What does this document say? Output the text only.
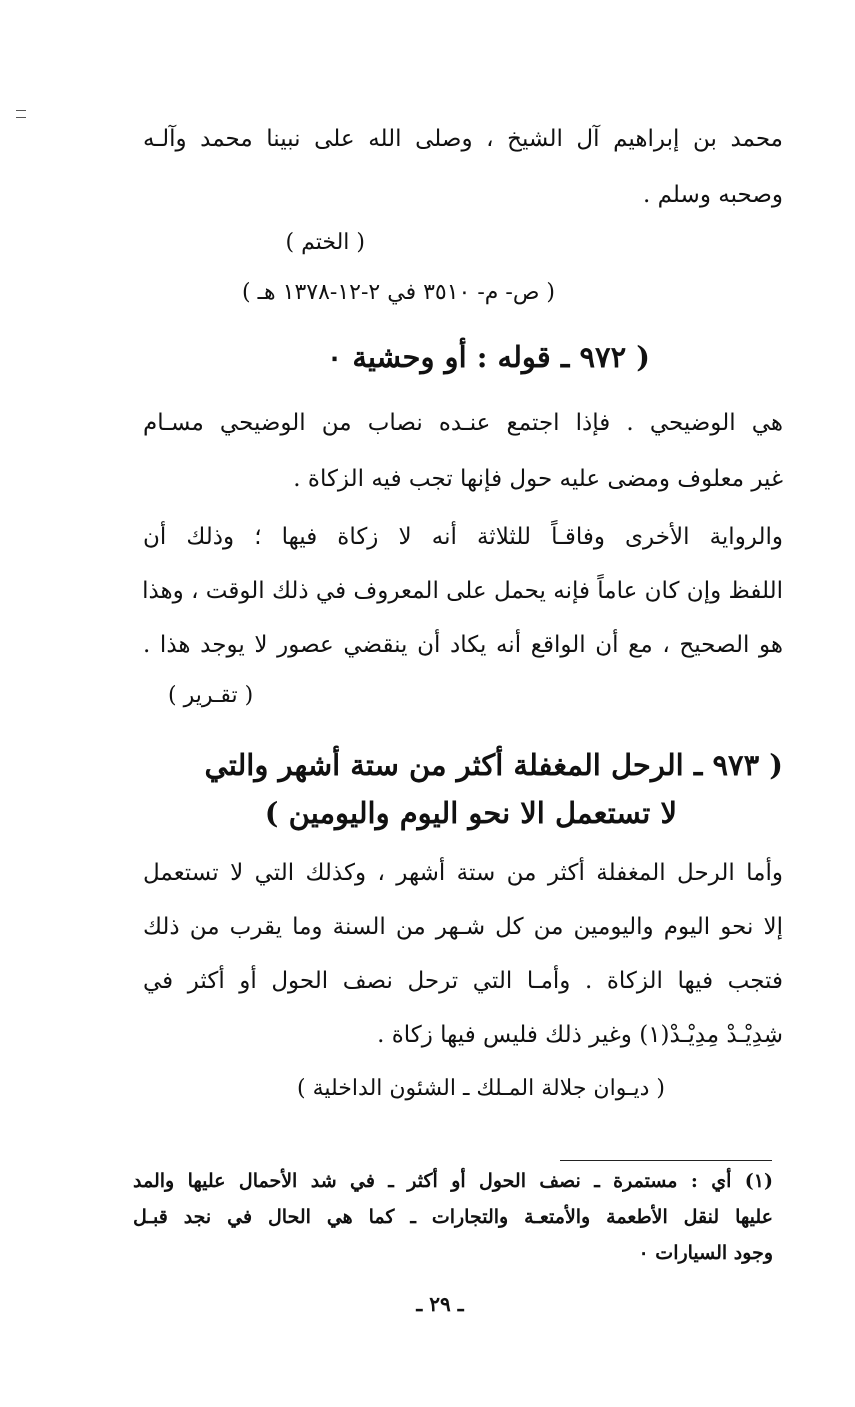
محمد بن إبراهيم آل الشيخ ، وصلى الله على نبينا محمد وآلـه
وصحبه وسلم .
( الختم )
( ص- م- ٣٥١٠ في ٢-١٢-١٣٧٨ هـ )
( ٩٧٢ ـ قوله : أو وحشية ٠
هي الوضيحي . فإذا اجتمع عنـده نصاب من الوضيحي مسـام
غير معلوف ومضى عليه حول فإنها تجب فيه الزكاة .
والرواية الأخرى وفاقـاً للثلاثة أنه لا زكاة فيها ؛ وذلك أن
اللفظ وإن كان عاماً فإنه يحمل على المعروف في ذلك الوقت ، وهذا
هو الصحيح ، مع أن الواقع أنه يكاد أن ينقضي عصور لا يوجد هذا .
( تقـرير )
( ٩٧٣ ـ الرحل المغفلة أكثر من ستة أشهر والتي
لا تستعمل الا نحو اليوم واليومين )
وأما الرحل المغفلة أكثر من ستة أشهر ، وكذلك التي لا تستعمل
إلا نحو اليوم واليومين من كل شـهر من السنة وما يقرب من ذلك
فتجب فيها الزكاة . وأمـا التي ترحل نصف الحول أو أكثر في
شِدِيْـدْ مِدِيْـدْ(١) وغير ذلك فليس فيها زكاة .
( ديـوان جلالة المـلك ـ الشئون الداخلية )
(١) أي : مستمرة ـ نصف الحول أو أكثر ـ في شد الأحمال عليها والمد
عليها لنقل الأطعمة والأمتعـة والتجارات ـ كما هي الحال في نجد قبـل
وجود السيارات ٠
ـ ٢٩ ـ
